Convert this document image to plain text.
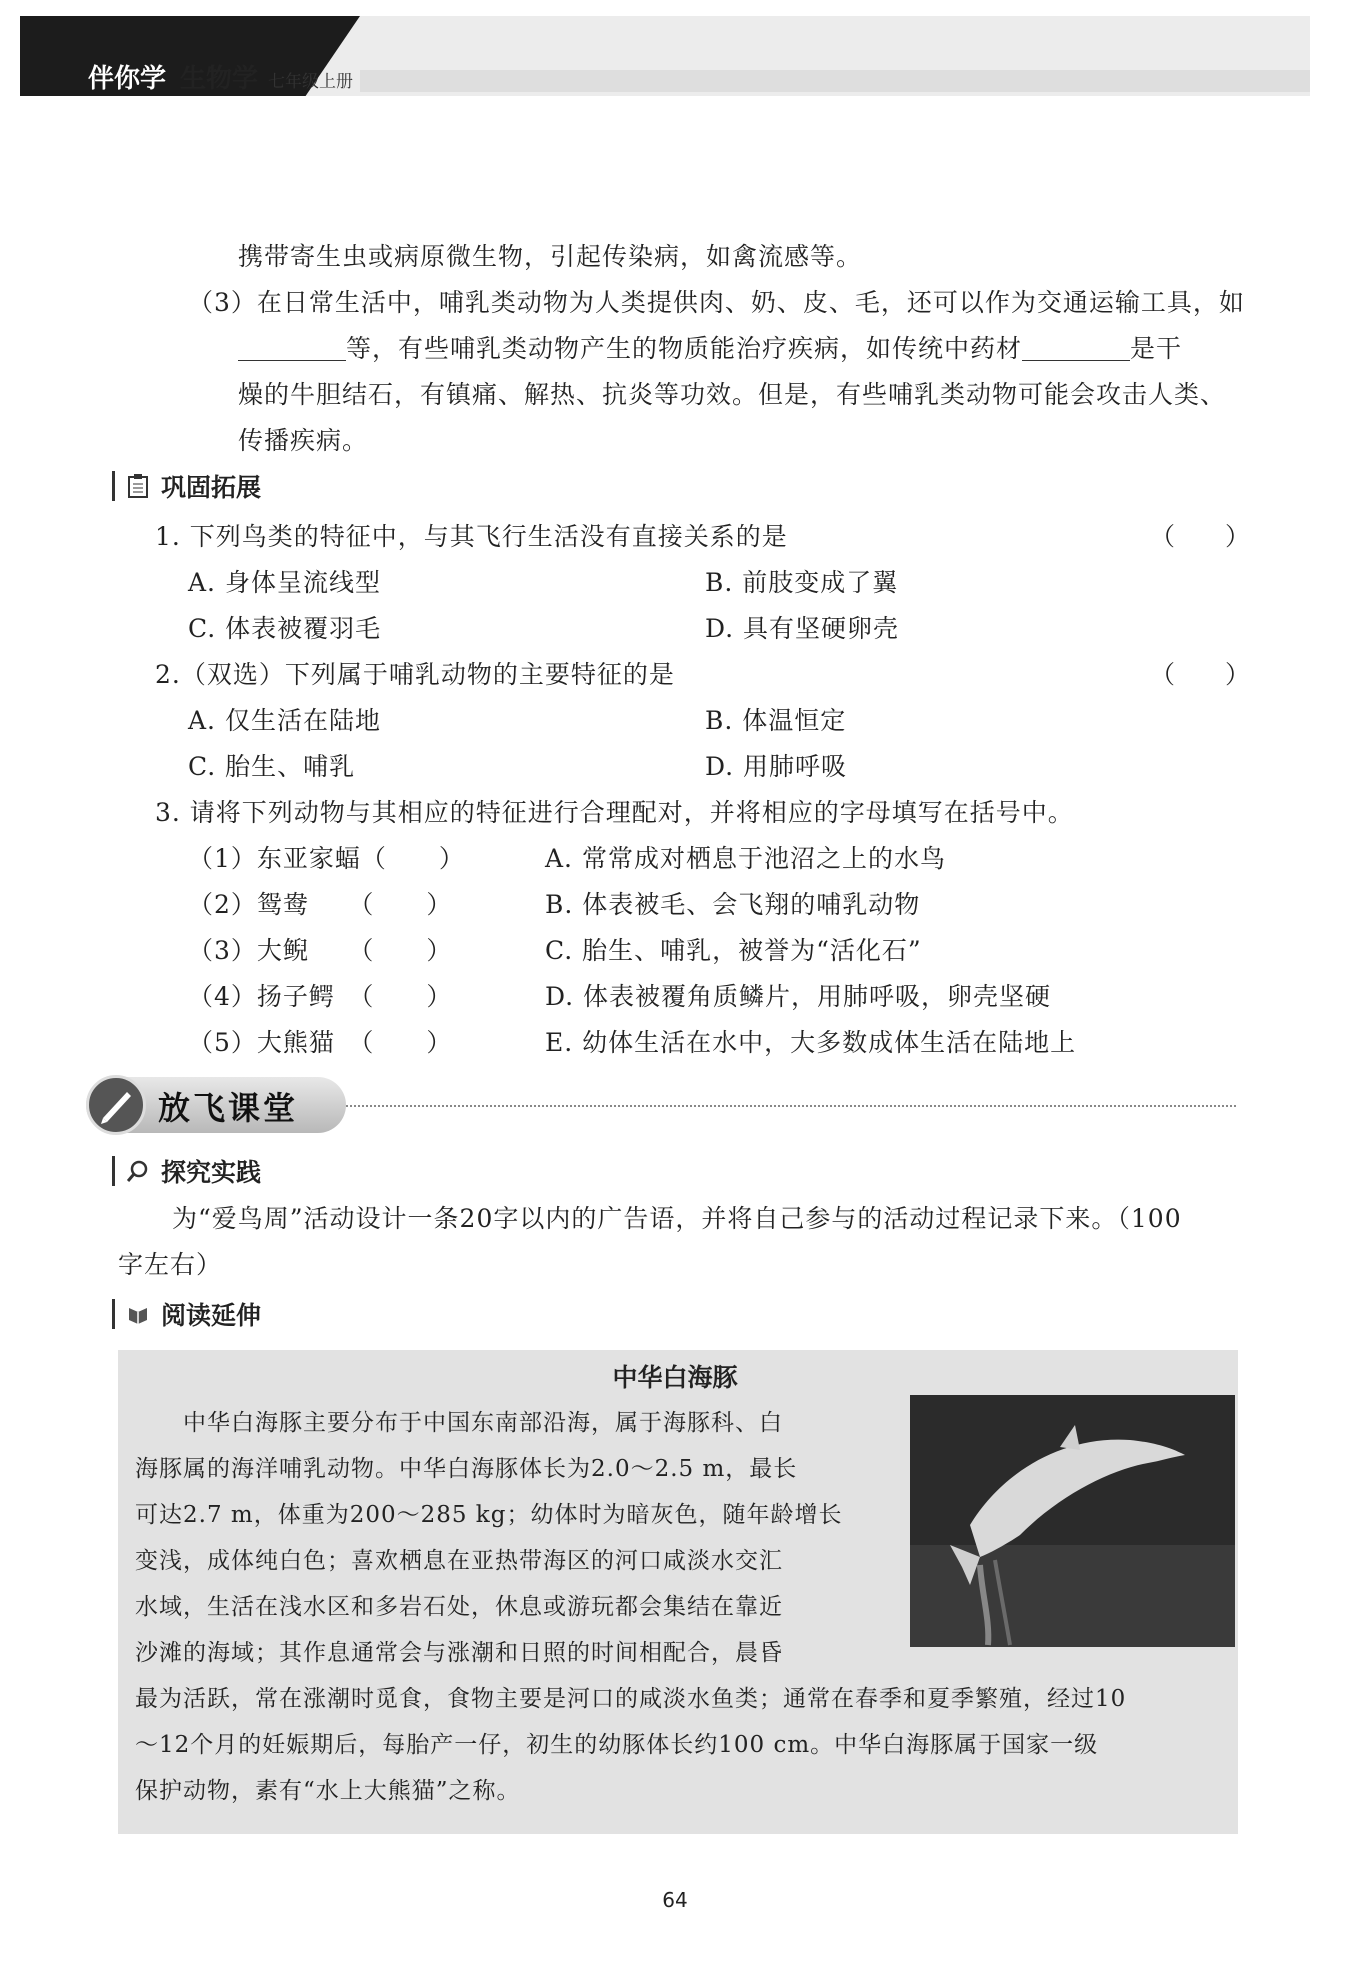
伴你学 生物学 七年级上册
携带寄生虫或病原微生物，引起传染病，如禽流感等。
（3）在日常生活中，哺乳类动物为人类提供肉、奶、皮、毛，还可以作为交通运输工具，如
等，有些哺乳类动物产生的物质能治疗疾病，如传统中药材	是干
燥的牛胆结石，有镇痛、解热、抗炎等功效。但是，有些哺乳类动物可能会攻击人类、
传播疾病。
巩固拓展
1. 下列鸟类的特征中，与其飞行生活没有直接关系的是	（　　）
A. 身体呈流线型	B. 前肢变成了翼
C. 体表被覆羽毛	D. 具有坚硬卵壳
2.（双选）下列属于哺乳动物的主要特征的是	（　　）
A. 仅生活在陆地	B. 体温恒定
C. 胎生、哺乳	D. 用肺呼吸
3. 请将下列动物与其相应的特征进行合理配对，并将相应的字母填写在括号中。
（1）东亚家蝠（　　）	A. 常常成对栖息于池沼之上的水鸟
（2）鸳鸯　　（　　）	B. 体表被毛、会飞翔的哺乳动物
（3）大鲵　　（　　）	C. 胎生、哺乳，被誉为“活化石”
（4）扬子鳄　（　　）	D. 体表被覆角质鳞片，用肺呼吸，卵壳坚硬
（5）大熊猫　（　　）	E. 幼体生活在水中，大多数成体生活在陆地上
放飞课堂
探究实践
为“爱鸟周”活动设计一条20字以内的广告语，并将自己参与的活动过程记录下来。（100
字左右）
阅读延伸
中华白海豚
　　中华白海豚主要分布于中国东南部沿海，属于海豚科、白
海豚属的海洋哺乳动物。中华白海豚体长为2.0～2.5 m，最长
可达2.7 m，体重为200～285 kg；幼体时为暗灰色，随年龄增长
变浅，成体纯白色；喜欢栖息在亚热带海区的河口咸淡水交汇
水域，生活在浅水区和多岩石处，休息或游玩都会集结在靠近
沙滩的海域；其作息通常会与涨潮和日照的时间相配合，晨昏
最为活跃，常在涨潮时觅食，食物主要是河口的咸淡水鱼类；通常在春季和夏季繁殖，经过10
～12个月的妊娠期后，每胎产一仔，初生的幼豚体长约100 cm。中华白海豚属于国家一级
保护动物，素有“水上大熊猫”之称。
64
